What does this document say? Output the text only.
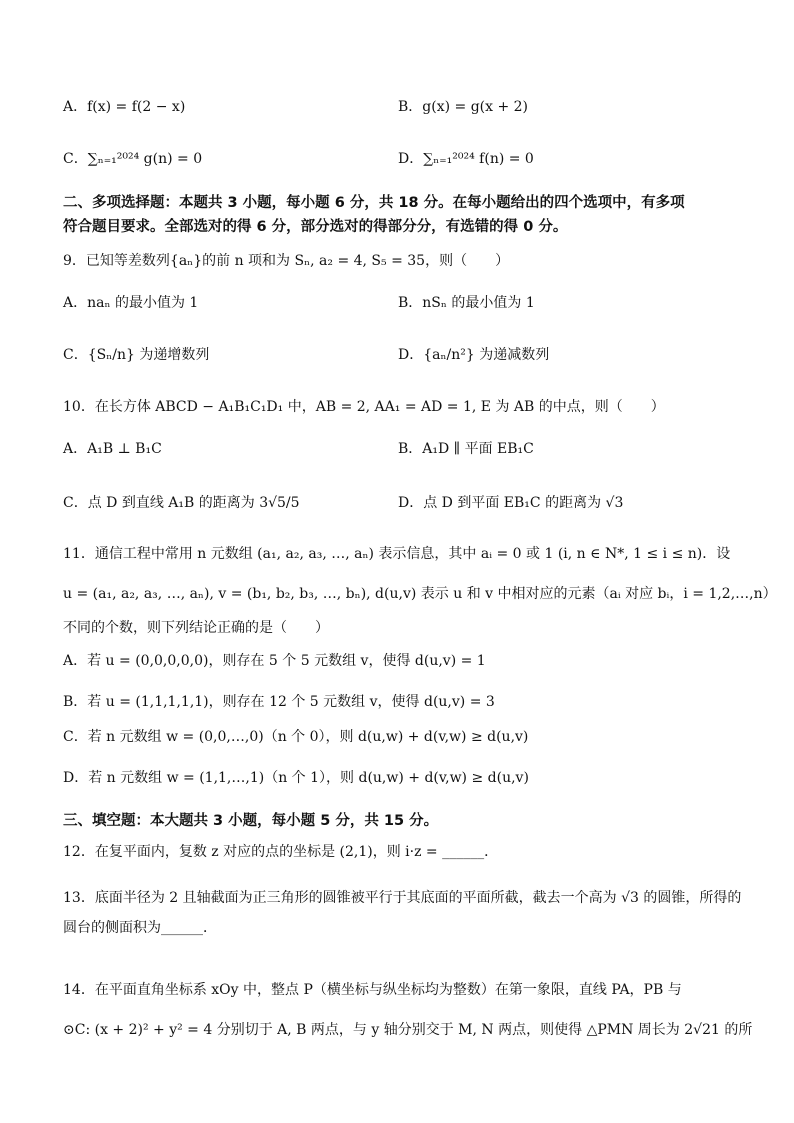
A．f(x) = f(2 − x)	B．g(x) = g(x + 2)
C．∑ₙ₌₁²⁰²⁴ g(n) = 0	D．∑ₙ₌₁²⁰²⁴ f(n) = 0
二、多项选择题：本题共 3 小题，每小题 6 分，共 18 分。在每小题给出的四个选项中，有多项
符合题目要求。全部选对的得 6 分，部分选对的得部分分，有选错的得 0 分。
9．已知等差数列{aₙ}的前 n 项和为 Sₙ, a₂ = 4, S₅ = 35，则（　　）
A．naₙ 的最小值为 1	B．nSₙ 的最小值为 1
C．{Sₙ/n} 为递增数列	D．{aₙ/n²} 为递减数列
10．在长方体 ABCD − A₁B₁C₁D₁ 中，AB = 2, AA₁ = AD = 1, E 为 AB 的中点，则（　　）
A．A₁B ⊥ B₁C	B．A₁D ∥ 平面 EB₁C
C．点 D 到直线 A₁B 的距离为 3√5/5	D．点 D 到平面 EB₁C 的距离为 √3
11．通信工程中常用 n 元数组 (a₁, a₂, a₃, …, aₙ) 表示信息，其中 aᵢ = 0 或 1 (i, n ∈ N*, 1 ≤ i ≤ n)．设
u = (a₁, a₂, a₃, …, aₙ), v = (b₁, b₂, b₃, …, bₙ), d(u,v) 表示 u 和 v 中相对应的元素（aᵢ 对应 bᵢ，i = 1,2,…,n）
不同的个数，则下列结论正确的是（　　）
A．若 u = (0,0,0,0,0)，则存在 5 个 5 元数组 v，使得 d(u,v) = 1
B．若 u = (1,1,1,1,1)，则存在 12 个 5 元数组 v，使得 d(u,v) = 3
C．若 n 元数组 w = (0,0,…,0)（n 个 0），则 d(u,w) + d(v,w) ≥ d(u,v)
D．若 n 元数组 w = (1,1,…,1)（n 个 1），则 d(u,w) + d(v,w) ≥ d(u,v)
三、填空题：本大题共 3 小题，每小题 5 分，共 15 分。
12．在复平面内，复数 z 对应的点的坐标是 (2,1)，则 i·z = ______．
13．底面半径为 2 且轴截面为正三角形的圆锥被平行于其底面的平面所截，截去一个高为 √3 的圆锥，所得的
圆台的侧面积为______．
14．在平面直角坐标系 xOy 中，整点 P（横坐标与纵坐标均为整数）在第一象限，直线 PA，PB 与
⊙C: (x + 2)² + y² = 4 分别切于 A, B 两点，与 y 轴分别交于 M, N 两点，则使得 △PMN 周长为 2√21 的所
